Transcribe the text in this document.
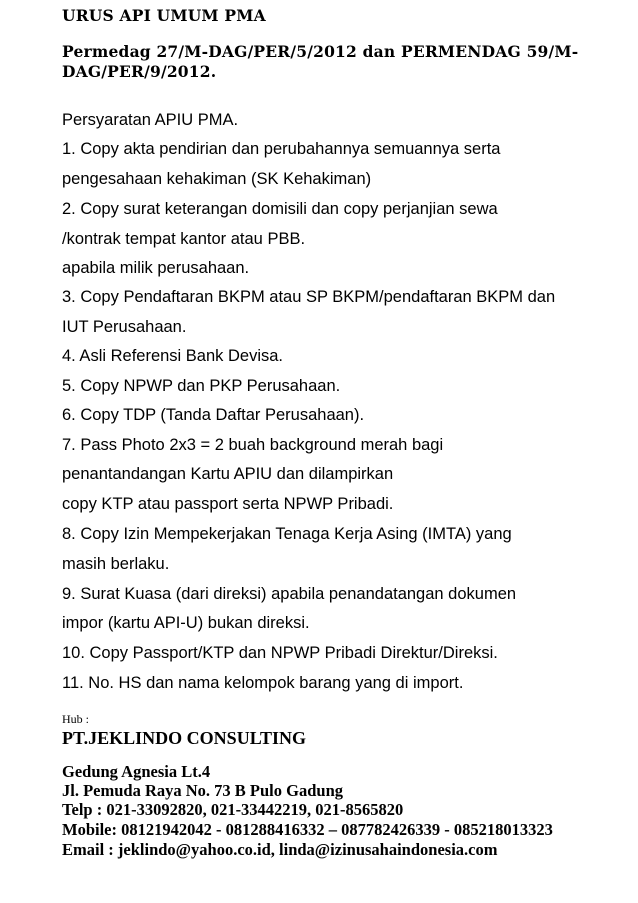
URUS API UMUM PMA
Permedag 27/M-DAG/PER/5/2012 dan PERMENDAG 59/M-DAG/PER/9/2012.
Persyaratan APIU PMA.
1. Copy akta pendirian dan perubahannya semuannya serta
pengesahaan kehakiman (SK Kehakiman)
2. Copy surat keterangan domisili dan copy perjanjian sewa
/kontrak tempat kantor atau PBB.
apabila milik perusahaan.
3. Copy Pendaftaran BKPM atau SP BKPM/pendaftaran BKPM dan
IUT Perusahaan.
4. Asli Referensi Bank Devisa.
5. Copy NPWP dan PKP Perusahaan.
6. Copy TDP (Tanda Daftar Perusahaan).
7. Pass Photo 2x3 = 2 buah background merah bagi
penantandangan Kartu APIU dan dilampirkan
copy KTP atau passport serta NPWP Pribadi.
8. Copy Izin Mempekerjakan Tenaga Kerja Asing (IMTA) yang
masih berlaku.
9. Surat Kuasa (dari direksi) apabila penandatangan dokumen
impor (kartu API-U) bukan direksi.
10. Copy Passport/KTP dan NPWP Pribadi Direktur/Direksi.
11. No. HS dan nama kelompok barang yang di import.
Hub :
PT.JEKLINDO CONSULTING
Gedung Agnesia Lt.4
Jl. Pemuda Raya No. 73 B Pulo Gadung
Telp : 021-33092820, 021-33442219, 021-8565820
Mobile: 08121942042 - 081288416332 – 087782426339 - 085218013323
Email : jeklindo@yahoo.co.id, linda@izinusahaindonesia.com
